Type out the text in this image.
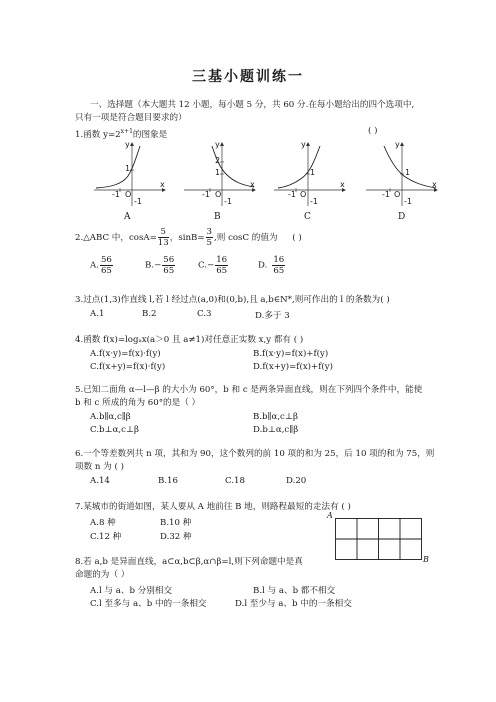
三基小题训练一
一、选择题（本大题共 12 小题，每小题 5 分，共 60 分.在每小题给出的四个选项中,
只有一项是符合题目要求的）
1.函数 $y=2^{x+1}$的图象是	( )
y
x
-1 O
1
-1
A
y
x
-1 O
2
1
-1
B
y
x
-1 O
1
-1
C
y
x
-1 O
1
-1
D
2.△ABC 中，$\cos A= \frac{5}{13}$ ，$\sin B= \frac{3}{5}$ ,则 cosC 的值为 ( )
A. $\frac{56}{65}$	$B.- \frac{56}{65}$	$C.- \frac{16}{65}$	D. $\frac{16}{65}$
3.过点(1,3)作直线 l,若 l 经过点(a,0)和(0,b),且 a,b∈N*,则可作出的 l 的条数为( )
A.1	B.2	C.3	D.多于 3
4.函数 f(x)=logₐx(a＞0 且 a≠1)对任意正实数 x,y 都有 ( )
A.f(x·y)=f(x)·f(y)	B.f(x·y)=f(x)+f(y)
C.f(x+y)=f(x)·f(y)	D.f(x+y)=f(x)+f(y)
5.已知二面角 α—l—β 的大小为 60°，b 和 c 是两条异面直线，则在下列四个条件中，能使
b 和 c 所成的角为 60°的是（ ）
A.b∥α,c∥β	B.b∥α,c⊥β
C.b⊥α,c⊥β	D.b⊥α,c∥β
6.一个等差数列共 n 项，其和为 90，这个数列的前 10 项的和为 25，后 10 项的和为 75，则
项数 n 为 ( )
A.14	B.16	C.18	D.20
7.某城市的街道如图，某人要从 A 地前往 B 地，则路程最短的走法有 ( )
A.8 种	B.10 种
C.12 种	D.32 种
A
B
8.若 a,b 是异面直线，a⊂α,b⊂β,α∩β=l,则下列命题中是真
命题的为（ ）
A.l 与 a、b 分别相交	B.l 与 a、b 都不相交
C.l 至多与 a、b 中的一条相交	D.l 至少与 a、b 中的一条相交
